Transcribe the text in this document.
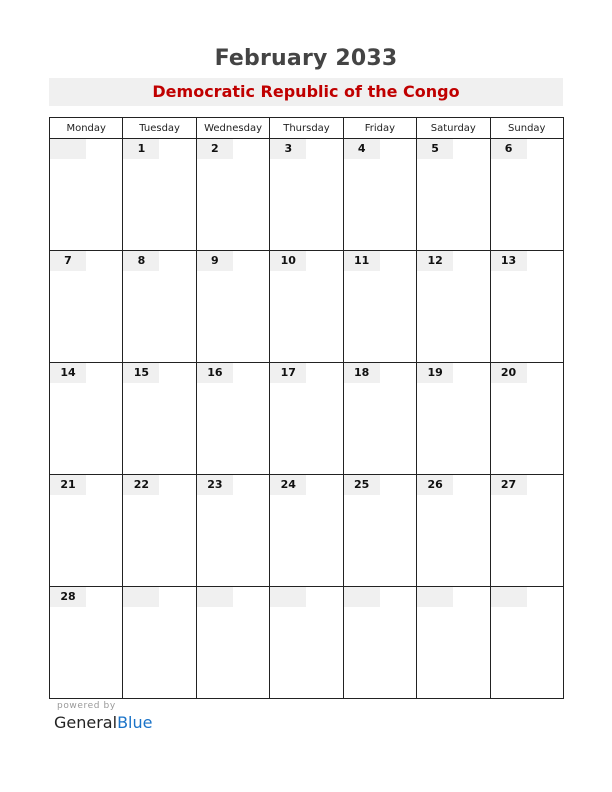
February 2033
Democratic Republic of the Congo
Monday	Tuesday	Wednesday	Thursday	Friday	Saturday	Sunday

	1	2	3	4	5	6

7	8	9	10	11	12	13

14	15	16	17	18	19	20

21	22	23	24	25	26	27

28						

powered by
GeneralBlue
